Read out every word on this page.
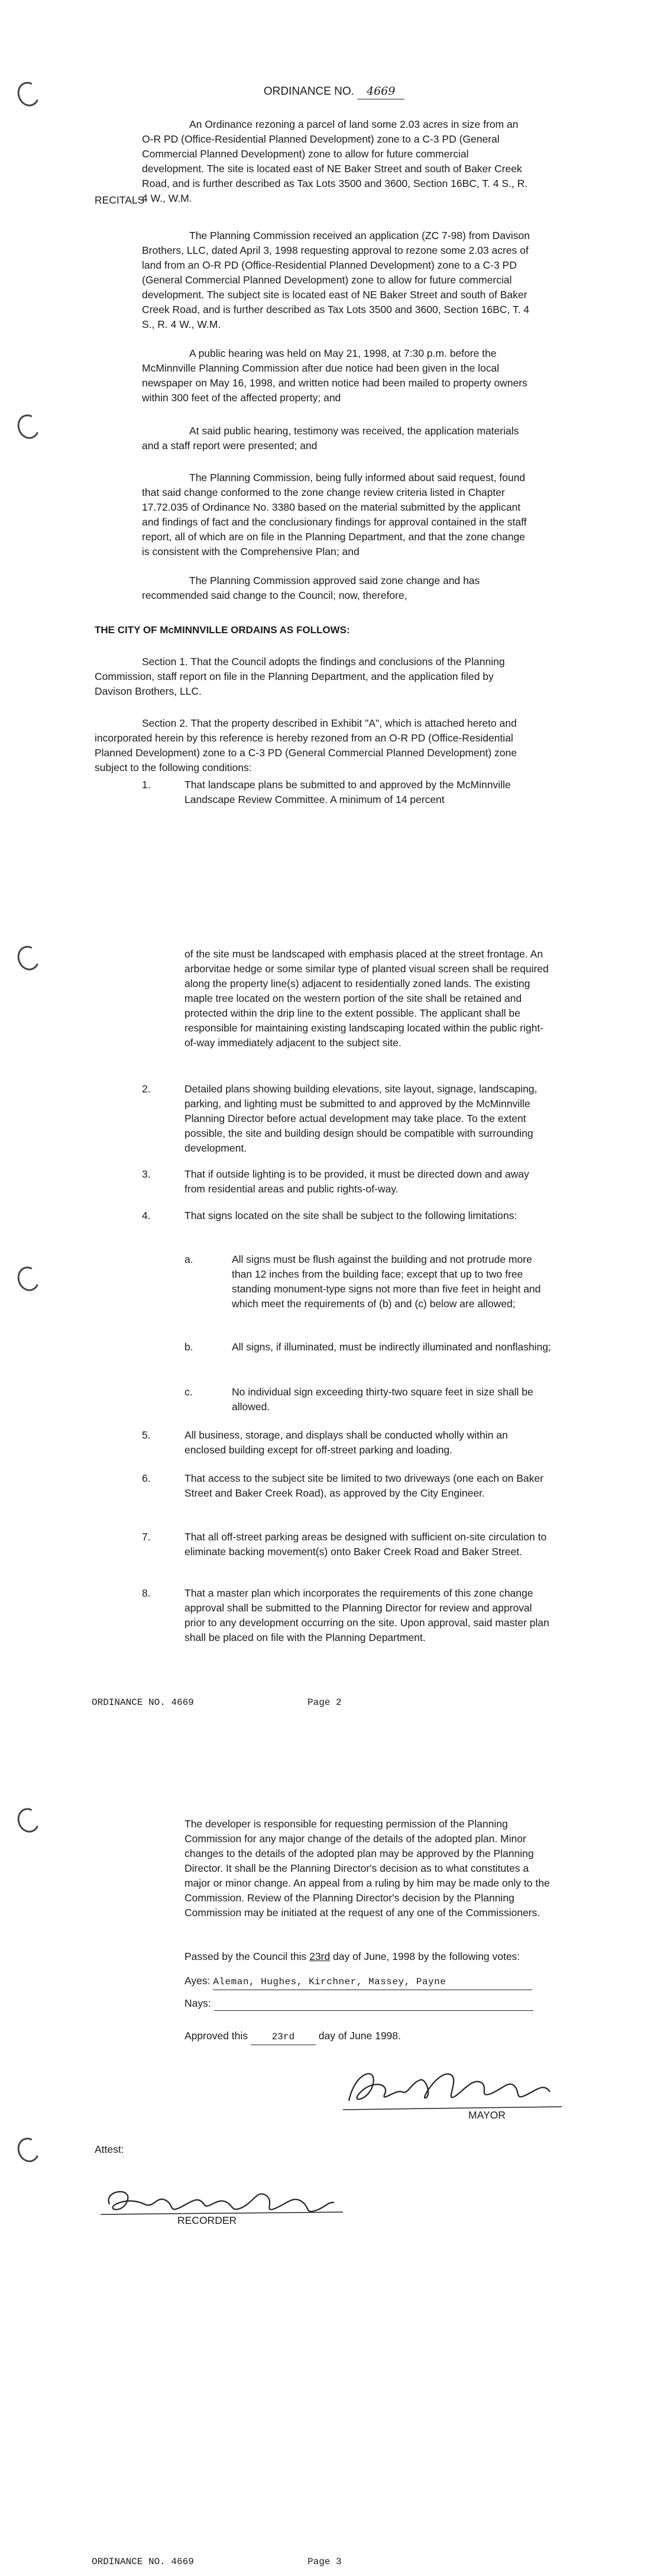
ORDINANCE NO. 4669
An Ordinance rezoning a parcel of land some 2.03 acres in size from an O-R PD (Office-Residential Planned Development) zone to a C-3 PD (General Commercial Planned Development) zone to allow for future commercial development. The site is located east of NE Baker Street and south of Baker Creek Road, and is further described as Tax Lots 3500 and 3600, Section 16BC, T. 4 S., R. 4 W., W.M.
RECITALS
The Planning Commission received an application (ZC 7-98) from Davison Brothers, LLC, dated April 3, 1998 requesting approval to rezone some 2.03 acres of land from an O-R PD (Office-Residential Planned Development) zone to a C-3 PD (General Commercial Planned Development) zone to allow for future commercial development. The subject site is located east of NE Baker Street and south of Baker Creek Road, and is further described as Tax Lots 3500 and 3600, Section 16BC, T. 4 S., R. 4 W., W.M.
A public hearing was held on May 21, 1998, at 7:30 p.m. before the McMinnville Planning Commission after due notice had been given in the local newspaper on May 16, 1998, and written notice had been mailed to property owners within 300 feet of the affected property; and
At said public hearing, testimony was received, the application materials and a staff report were presented; and
The Planning Commission, being fully informed about said request, found that said change conformed to the zone change review criteria listed in Chapter 17.72.035 of Ordinance No. 3380 based on the material submitted by the applicant and findings of fact and the conclusionary findings for approval contained in the staff report, all of which are on file in the Planning Department, and that the zone change is consistent with the Comprehensive Plan; and
The Planning Commission approved said zone change and has recommended said change to the Council; now, therefore,
THE CITY OF McMINNVILLE ORDAINS AS FOLLOWS:
Section 1. That the Council adopts the findings and conclusions of the Planning Commission, staff report on file in the Planning Department, and the application filed by Davison Brothers, LLC.
Section 2. That the property described in Exhibit "A", which is attached hereto and incorporated herein by this reference is hereby rezoned from an O-R PD (Office-Residential Planned Development) zone to a C-3 PD (General Commercial Planned Development) zone subject to the following conditions:
1.	That landscape plans be submitted to and approved by the McMinnville Landscape Review Committee. A minimum of 14 percent
of the site must be landscaped with emphasis placed at the street frontage. An arborvitae hedge or some similar type of planted visual screen shall be required along the property line(s) adjacent to residentially zoned lands. The existing maple tree located on the western portion of the site shall be retained and protected within the drip line to the extent possible. The applicant shall be responsible for maintaining existing landscaping located within the public right-of-way immediately adjacent to the subject site.
2.	Detailed plans showing building elevations, site layout, signage, landscaping, parking, and lighting must be submitted to and approved by the McMinnville Planning Director before actual development may take place. To the extent possible, the site and building design should be compatible with surrounding development.
3.	That if outside lighting is to be provided, it must be directed down and away from residential areas and public rights-of-way.
4.	That signs located on the site shall be subject to the following limitations:
a.	All signs must be flush against the building and not protrude more than 12 inches from the building face; except that up to two free standing monument-type signs not more than five feet in height and which meet the requirements of (b) and (c) below are allowed;
b.	All signs, if illuminated, must be indirectly illuminated and nonflashing;
c.	No individual sign exceeding thirty-two square feet in size shall be allowed.
5.	All business, storage, and displays shall be conducted wholly within an enclosed building except for off-street parking and loading.
6.	That access to the subject site be limited to two driveways (one each on Baker Street and Baker Creek Road), as approved by the City Engineer.
7.	That all off-street parking areas be designed with sufficient on-site circulation to eliminate backing movement(s) onto Baker Creek Road and Baker Street.
8.	That a master plan which incorporates the requirements of this zone change approval shall be submitted to the Planning Director for review and approval prior to any development occurring on the site. Upon approval, said master plan shall be placed on file with the Planning Department.
ORDINANCE NO. 4669	Page 2
The developer is responsible for requesting permission of the Planning Commission for any major change of the details of the adopted plan. Minor changes to the details of the adopted plan may be approved by the Planning Director. It shall be the Planning Director's decision as to what constitutes a major or minor change. An appeal from a ruling by him may be made only to the Commission. Review of the Planning Director's decision by the Planning Commission may be initiated at the request of any one of the Commissioners.
Passed by the Council this 23rd day of June, 1998 by the following votes:
Ayes: Aleman, Hughes, Kirchner, Massey, Payne
Nays:
Approved this 23rd day of June 1998.
MAYOR
Attest:
RECORDER
ORDINANCE NO. 4669	Page 3
